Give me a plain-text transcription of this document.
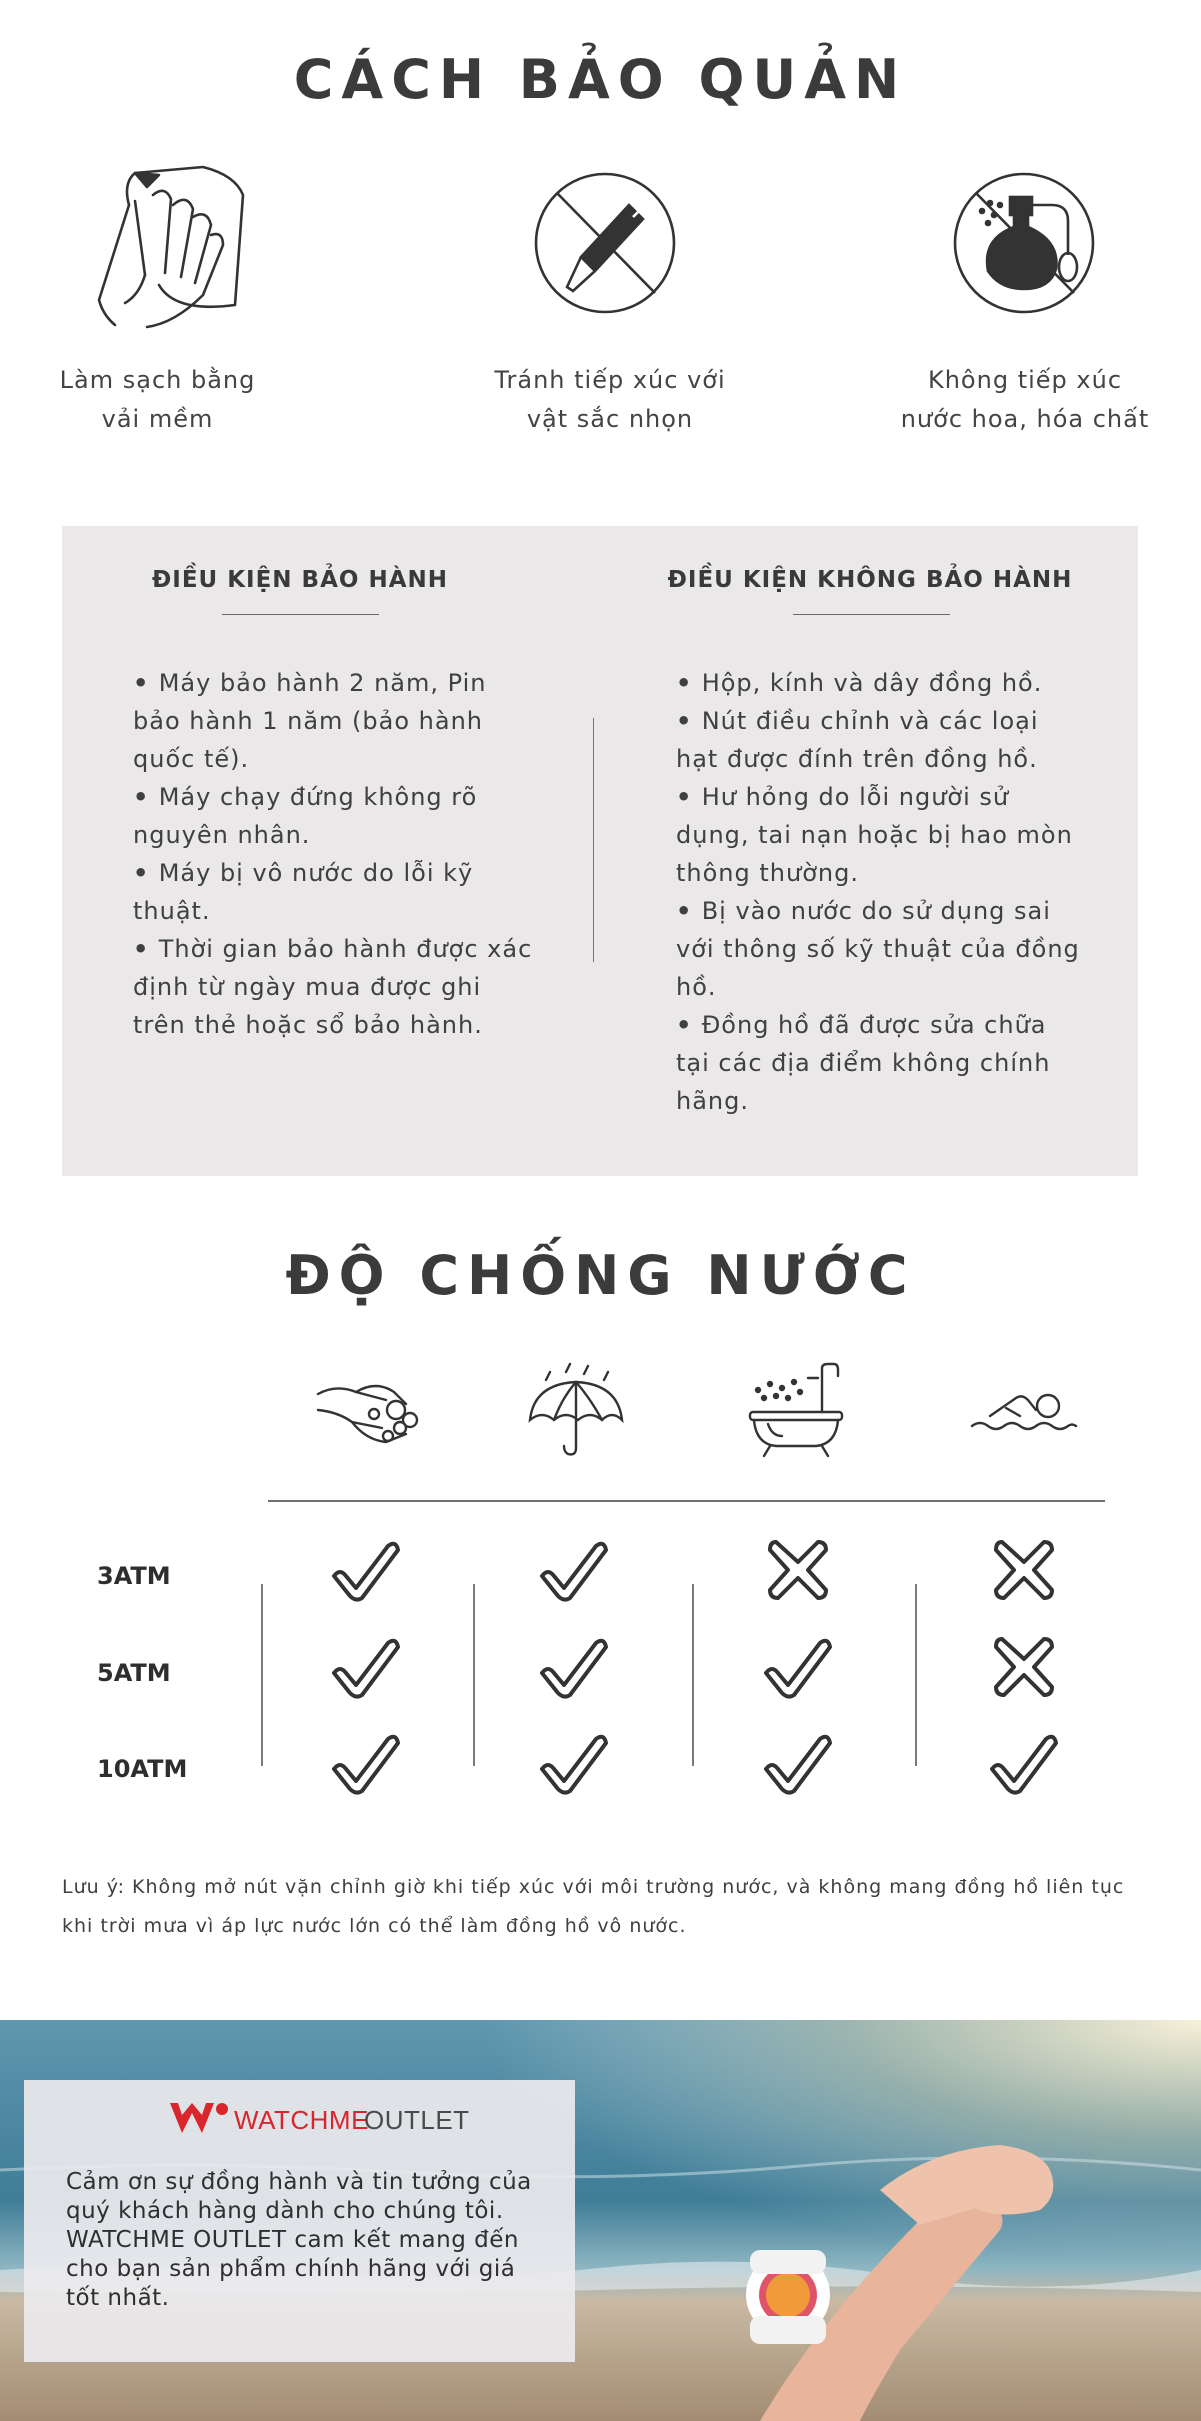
CÁCH BẢO QUẢN
Làm sạch bằng
vải mềm
Tránh tiếp xúc với
vật sắc nhọn
Không tiếp xúc
nước hoa, hóa chất
ĐIỀU KIỆN BẢO HÀNH
• Máy bảo hành 2 năm, Pin bảo hành 1 năm (bảo hành quốc tế).
• Máy chạy đứng không rõ nguyên nhân.
• Máy bị vô nước do lỗi kỹ thuật.
• Thời gian bảo hành được xác định từ ngày mua được ghi trên thẻ hoặc sổ bảo hành.
ĐIỀU KIỆN KHÔNG BẢO HÀNH
• Hộp, kính và dây đồng hồ.
• Nút điều chỉnh và các loại hạt được đính trên đồng hồ.
• Hư hỏng do lỗi người sử dụng, tai nạn hoặc bị hao mòn thông thường.
• Bị vào nước do sử dụng sai với thông số kỹ thuật của đồng hồ.
• Đồng hồ đã được sửa chữa tại các địa điểm không chính hãng.
ĐỘ CHỐNG NƯỚC
3ATM
5ATM
10ATM
Lưu ý: Không mở nút vặn chỉnh giờ khi tiếp xúc với môi trường nước, và không mang đồng hồ liên tục khi trời mưa vì áp lực nước lớn có thể làm đồng hồ vô nước.
WATCHME
OUTLET
Cảm ơn sự đồng hành và tin tưởng của quý khách hàng dành cho chúng tôi. WATCHME OUTLET cam kết mang đến cho bạn sản phẩm chính hãng với giá tốt nhất.
